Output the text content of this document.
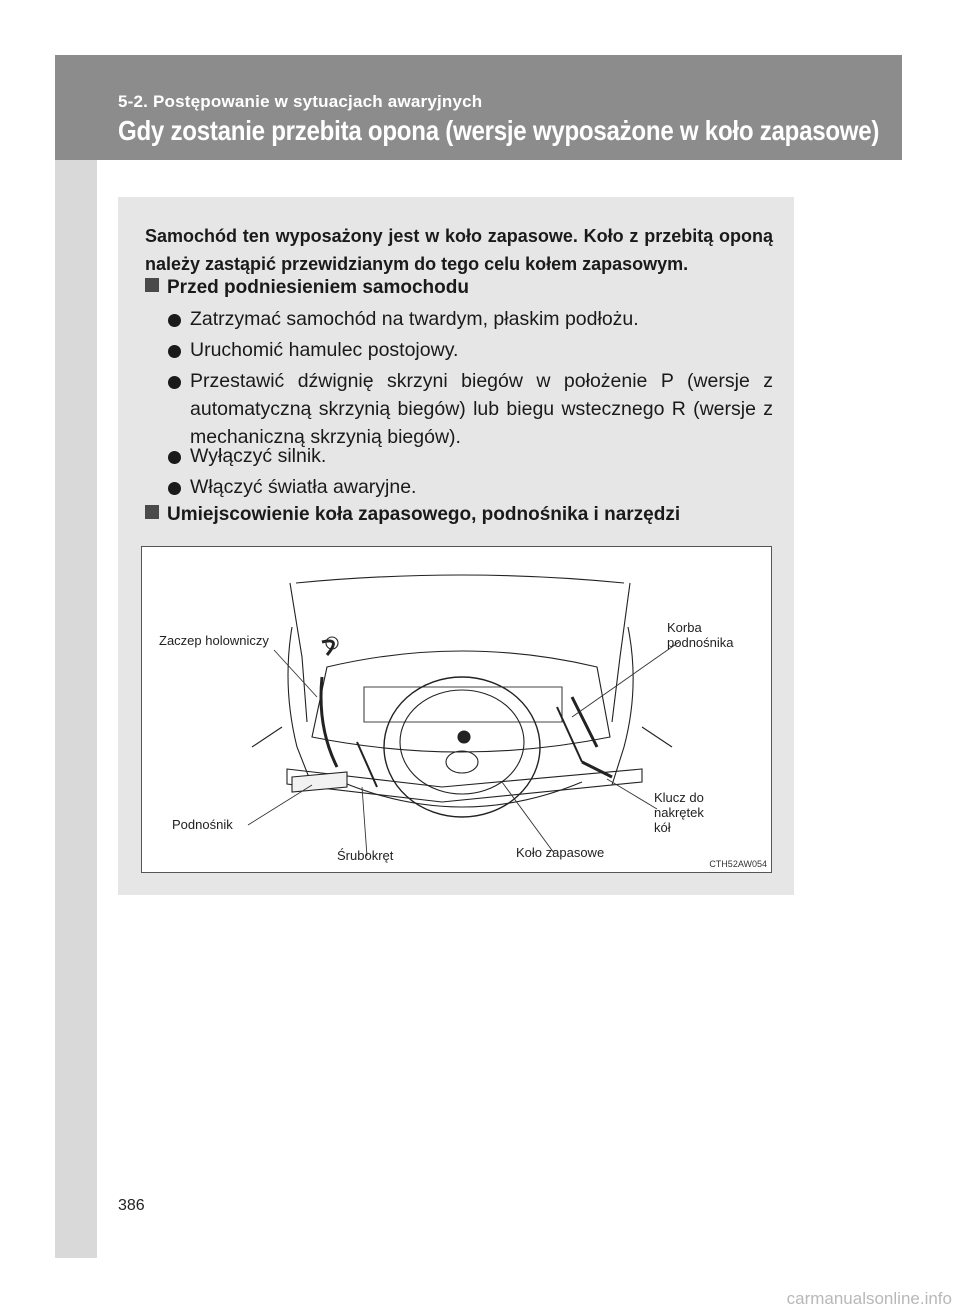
5-2. Postępowanie w sytuacjach awaryjnych
Gdy zostanie przebita opona (wersje wyposażone w koło zapasowe)
Samochód ten wyposażony jest w koło zapasowe. Koło z przebitą oponą należy zastąpić przewidzianym do tego celu kołem zapasowym.
Przed podniesieniem samochodu
Zatrzymać samochód na twardym, płaskim podłożu.
Uruchomić hamulec postojowy.
Przestawić dźwignię skrzyni biegów w położenie P (wersje z automatyczną skrzynią biegów) lub biegu wstecznego R (wersje z mechaniczną skrzynią biegów).
Wyłączyć silnik.
Włączyć światła awaryjne.
Umiejscowienie koła zapasowego, podnośnika i narzędzi
Zaczep holowniczy
Korba
podnośnika
Klucz do
nakrętek
kół
Podnośnik
Śrubokręt	Koło zapasowe
CTH52AW054
386
carmanualsonline.info
